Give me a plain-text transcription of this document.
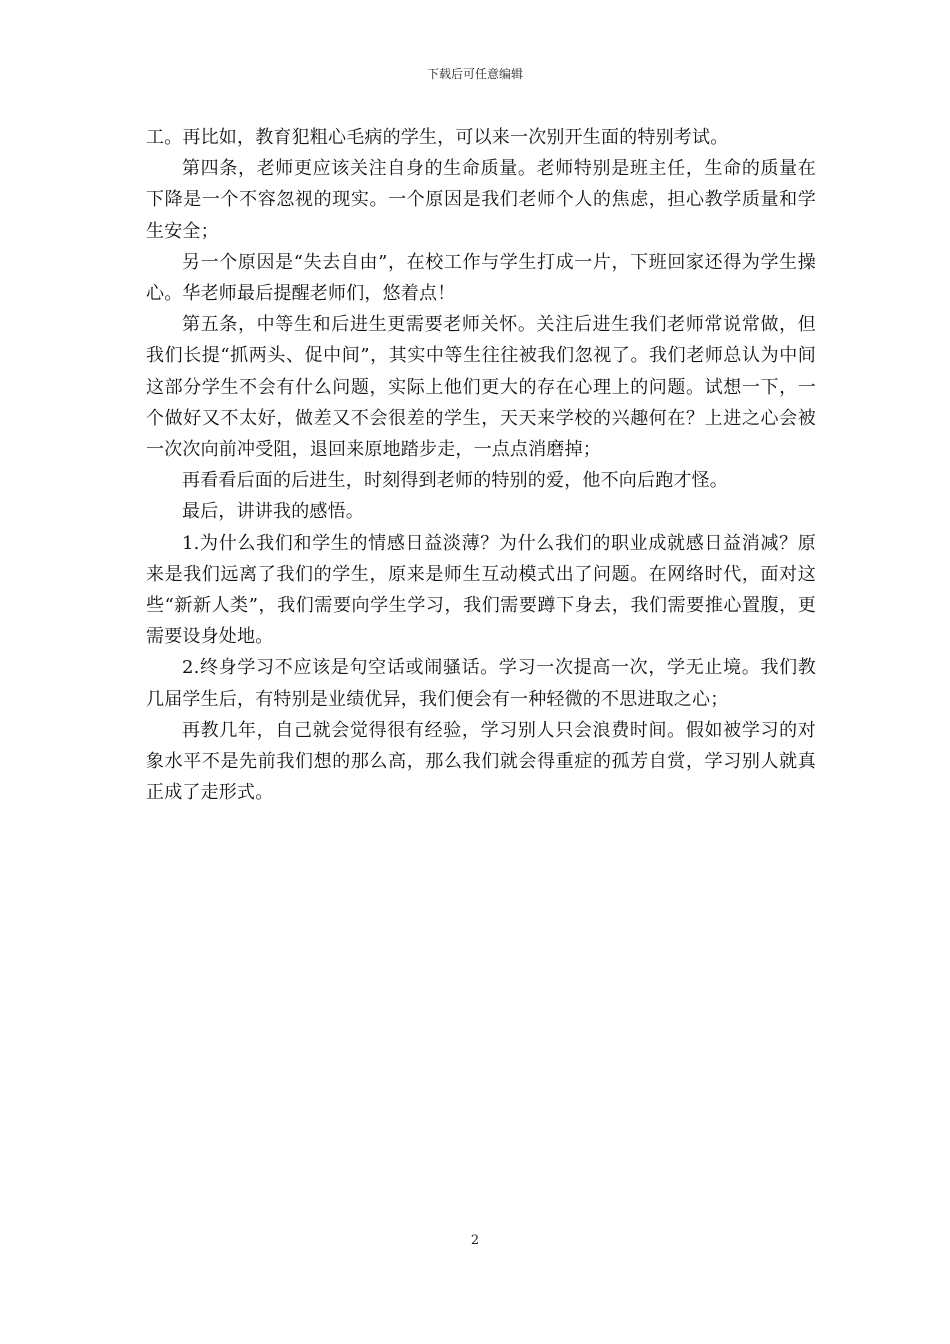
下载后可任意编辑

工。再比如，教育犯粗心毛病的学生，可以来一次别开生面的特别考试。

第四条，老师更应该关注自身的生命质量。老师特别是班主任，生命的质量在下降是一个不容忽视的现实。一个原因是我们老师个人的焦虑，担心教学质量和学生安全；

另一个原因是“失去自由”，在校工作与学生打成一片，下班回家还得为学生操心。华老师最后提醒老师们，悠着点！

第五条，中等生和后进生更需要老师关怀。关注后进生我们老师常说常做，但我们长提“抓两头、促中间”，其实中等生往往被我们忽视了。我们老师总认为中间这部分学生不会有什么问题，实际上他们更大的存在心理上的问题。试想一下，一个做好又不太好，做差又不会很差的学生，天天来学校的兴趣何在？上进之心会被一次次向前冲受阻，退回来原地踏步走，一点点消磨掉；

再看看后面的后进生，时刻得到老师的特别的爱，他不向后跑才怪。

最后，讲讲我的感悟。

1.为什么我们和学生的情感日益淡薄？为什么我们的职业成就感日益消减？原来是我们远离了我们的学生，原来是师生互动模式出了问题。在网络时代，面对这些“新新人类”，我们需要向学生学习，我们需要蹲下身去，我们需要推心置腹，更需要设身处地。

2.终身学习不应该是句空话或闹骚话。学习一次提高一次，学无止境。我们教几届学生后，有特别是业绩优异，我们便会有一种轻微的不思进取之心；

再教几年，自己就会觉得很有经验，学习别人只会浪费时间。假如被学习的对象水平不是先前我们想的那么高，那么我们就会得重症的孤芳自赏，学习别人就真正成了走形式。

2
